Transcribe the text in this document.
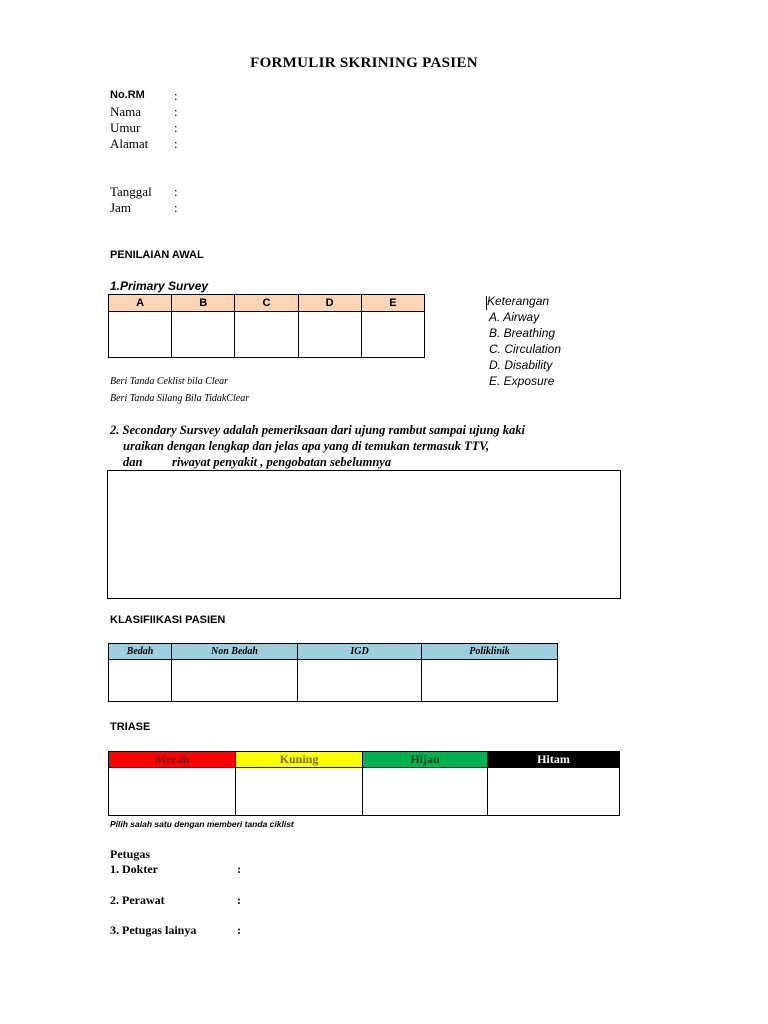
FORMULIR SKRINING PASIEN
No.RM :
Nama	:
Umur	:
Alamat :
Tanggal :
Jam	:
PENILAIAN AWAL
1.Primary Survey
A	B	C	D	E
					Keterangan
A. Airway
B. Breathing
C. Circulation
D. Disability
E. Exposure
Beri Tanda Ceklist bila Clear
Beri Tanda Silang Bila TidakClear
2. Secondary Sursvey adalah pemeriksaan dari ujung rambut sampai ujung kaki
uraikan dengan lengkap dan jelas apa yang di temukan termasuk TTV,
dan riwayat penyakit , pengobatan sebelumnya
KLASIFIIKASI PASIEN
Bedah	Non Bedah	IGD	Poliklinik

TRIASE
Merah	Kuning	Hijau	Hitam

Pilih salah satu dengan memberi tanda ciklist
Petugas
1. Dokter	:
2. Perawat	:
3. Petugas lainya	:
